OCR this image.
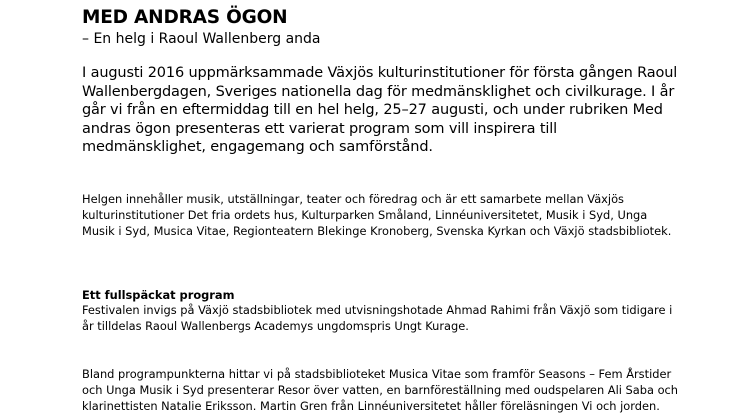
MED ANDRAS ÖGON

– En helg i Raoul Wallenberg anda

I augusti 2016 uppmärksammade Växjös kulturinstitutioner för första gången Raoul Wallenbergdagen, Sveriges nationella dag för medmänsklighet och civilkurage. I år går vi från en eftermiddag till en hel helg, 25–27 augusti, och under rubriken Med andras ögon presenteras ett varierat program som vill inspirera till medmänsklighet, engagemang och samförstånd.

Helgen innehåller musik, utställningar, teater och föredrag och är ett samarbete mellan Växjös kulturinstitutioner Det fria ordets hus, Kulturparken Småland, Linnéuniversitetet, Musik i Syd, Unga Musik i Syd, Musica Vitae, Regionteatern Blekinge Kronoberg, Svenska Kyrkan och Växjö stadsbibliotek.

Ett fullspäckat program

Festivalen invigs på Växjö stadsbibliotek med utvisningshotade Ahmad Rahimi från Växjö som tidigare i år tilldelas Raoul Wallenbergs Academys ungdomspris Ungt Kurage.

Bland programpunkterna hittar vi på stadsbiblioteket Musica Vitae som framför Seasons – Fem Årstider och Unga Musik i Syd presenterar Resor över vatten, en barnföreställning med oudspelaren Ali Saba och klarinettisten Natalie Eriksson. Martin Gren från Linnéuniversitetet håller föreläsningen Vi och jorden.
